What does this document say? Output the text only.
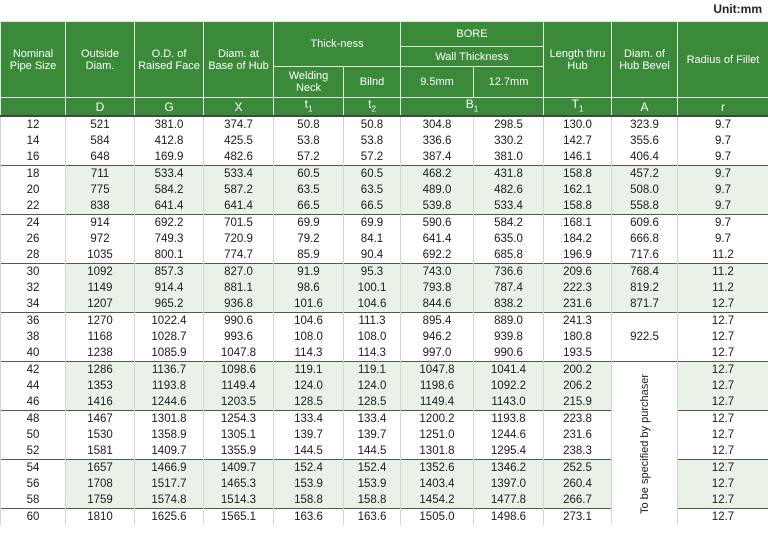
Unit:mm
Nominal Pipe Size	Outside Diam.	O.D. of Raised Face	Diam. at Base of Hub	Thick-ness		BORE		Length thru Hub	Diam. of Hub Bevel	Radius of Fillet
						Wall Thickness				
				Welding Neck	Bilnd	9.5mm	12.7mm			
	D	G	X	$t_1$	$t_2$	$B_1$		$T_1$	A	r
12	521	381.0	374.7	50.8	50.8	304.8	298.5	130.0	323.9	9.7
14	584	412.8	425.5	53.8	53.8	336.6	330.2	142.7	355.6	9.7
16	648	169.9	482.6	57.2	57.2	387.4	381.0	146.1	406.4	9.7
18	711	533.4	533.4	60.5	60.5	468.2	431.8	158.8	457.2	9.7
20	775	584.2	587.2	63.5	63.5	489.0	482.6	162.1	508.0	9.7
22	838	641.4	641.4	66.5	66.5	539.8	533.4	158.8	558.8	9.7
24	914	692.2	701.5	69.9	69.9	590.6	584.2	168.1	609.6	9.7
26	972	749.3	720.9	79.2	84.1	641.4	635.0	184.2	666.8	9.7
28	1035	800.1	774.7	85.9	90.4	692.2	685.8	196.9	717.6	11.2
30	1092	857.3	827.0	91.9	95.3	743.0	736.6	209.6	768.4	11.2
32	1149	914.4	881.1	98.6	100.1	793.8	787.4	222.3	819.2	11.2
34	1207	965.2	936.8	101.6	104.6	844.6	838.2	231.6	871.7	12.7
36	1270	1022.4	990.6	104.6	111.3	895.4	889.0	241.3	922.5	12.7
38	1168	1028.7	993.6	108.0	108.0	946.2	939.8	180.8		12.7
40	1238	1085.9	1047.8	114.3	114.3	997.0	990.6	193.5		12.7
42	1286	1136.7	1098.6	119.1	119.1	1047.8	1041.4	200.2	To be specified by purchaser	12.7
44	1353	1193.8	1149.4	124.0	124.0	1198.6	1092.2	206.2		12.7
46	1416	1244.6	1203.5	128.5	128.5	1149.4	1143.0	215.9		12.7
48	1467	1301.8	1254.3	133.4	133.4	1200.2	1193.8	223.8		12.7
50	1530	1358.9	1305.1	139.7	139.7	1251.0	1244.6	231.6		12.7
52	1581	1409.7	1355.9	144.5	144.5	1301.8	1295.4	238.3		12.7
54	1657	1466.9	1409.7	152.4	152.4	1352.6	1346.2	252.5		12.7
56	1708	1517.7	1465.3	153.9	153.9	1403.4	1397.0	260.4		12.7
58	1759	1574.8	1514.3	158.8	158.8	1454.2	1477.8	266.7		12.7
60	1810	1625.6	1565.1	163.6	163.6	1505.0	1498.6	273.1		12.7
